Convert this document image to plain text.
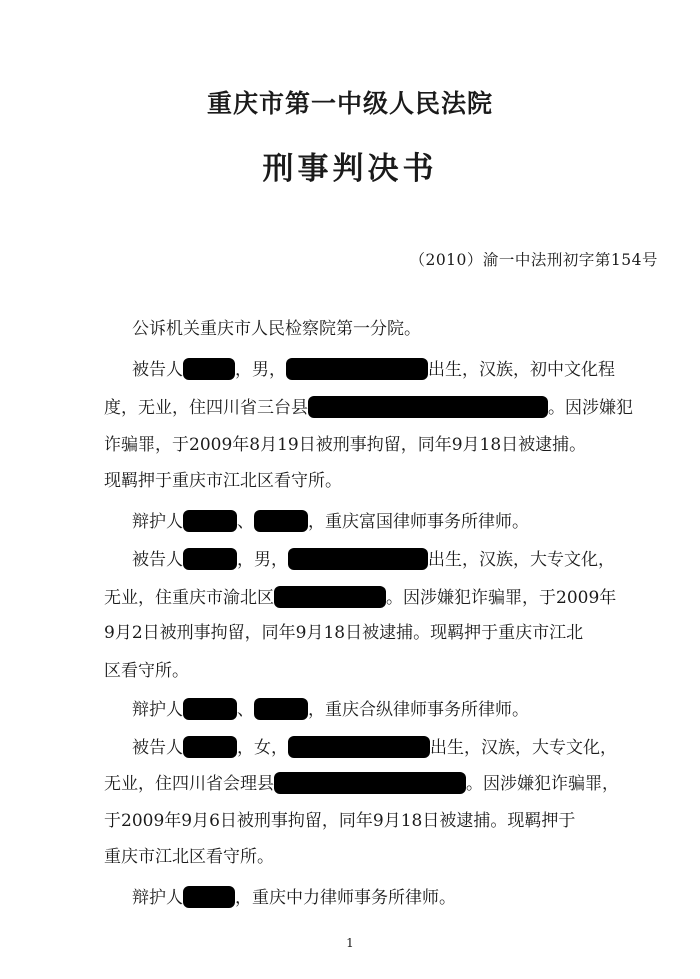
重庆市第一中级人民法院
刑事判决书
（2010）渝一中法刑初字第154号
公诉机关重庆市人民检察院第一分院。
被告人	，男，	出生，汉族，初中文化程
度，无业，住四川省三台县	。因涉嫌犯
诈骗罪，于2009年8月19日被刑事拘留，同年9月18日被逮捕。
现羁押于重庆市江北区看守所。
辩护人	、	，重庆富国律师事务所律师。
被告人	，男，	出生，汉族，大专文化，
无业，住重庆市渝北区	。因涉嫌犯诈骗罪，于2009年
9月2日被刑事拘留，同年9月18日被逮捕。现羁押于重庆市江北
区看守所。
辩护人	、	，重庆合纵律师事务所律师。
被告人	，女，	出生，汉族，大专文化，
无业，住四川省会理县	。因涉嫌犯诈骗罪，
于2009年9月6日被刑事拘留，同年9月18日被逮捕。现羁押于
重庆市江北区看守所。
辩护人	，重庆中力律师事务所律师。
1
